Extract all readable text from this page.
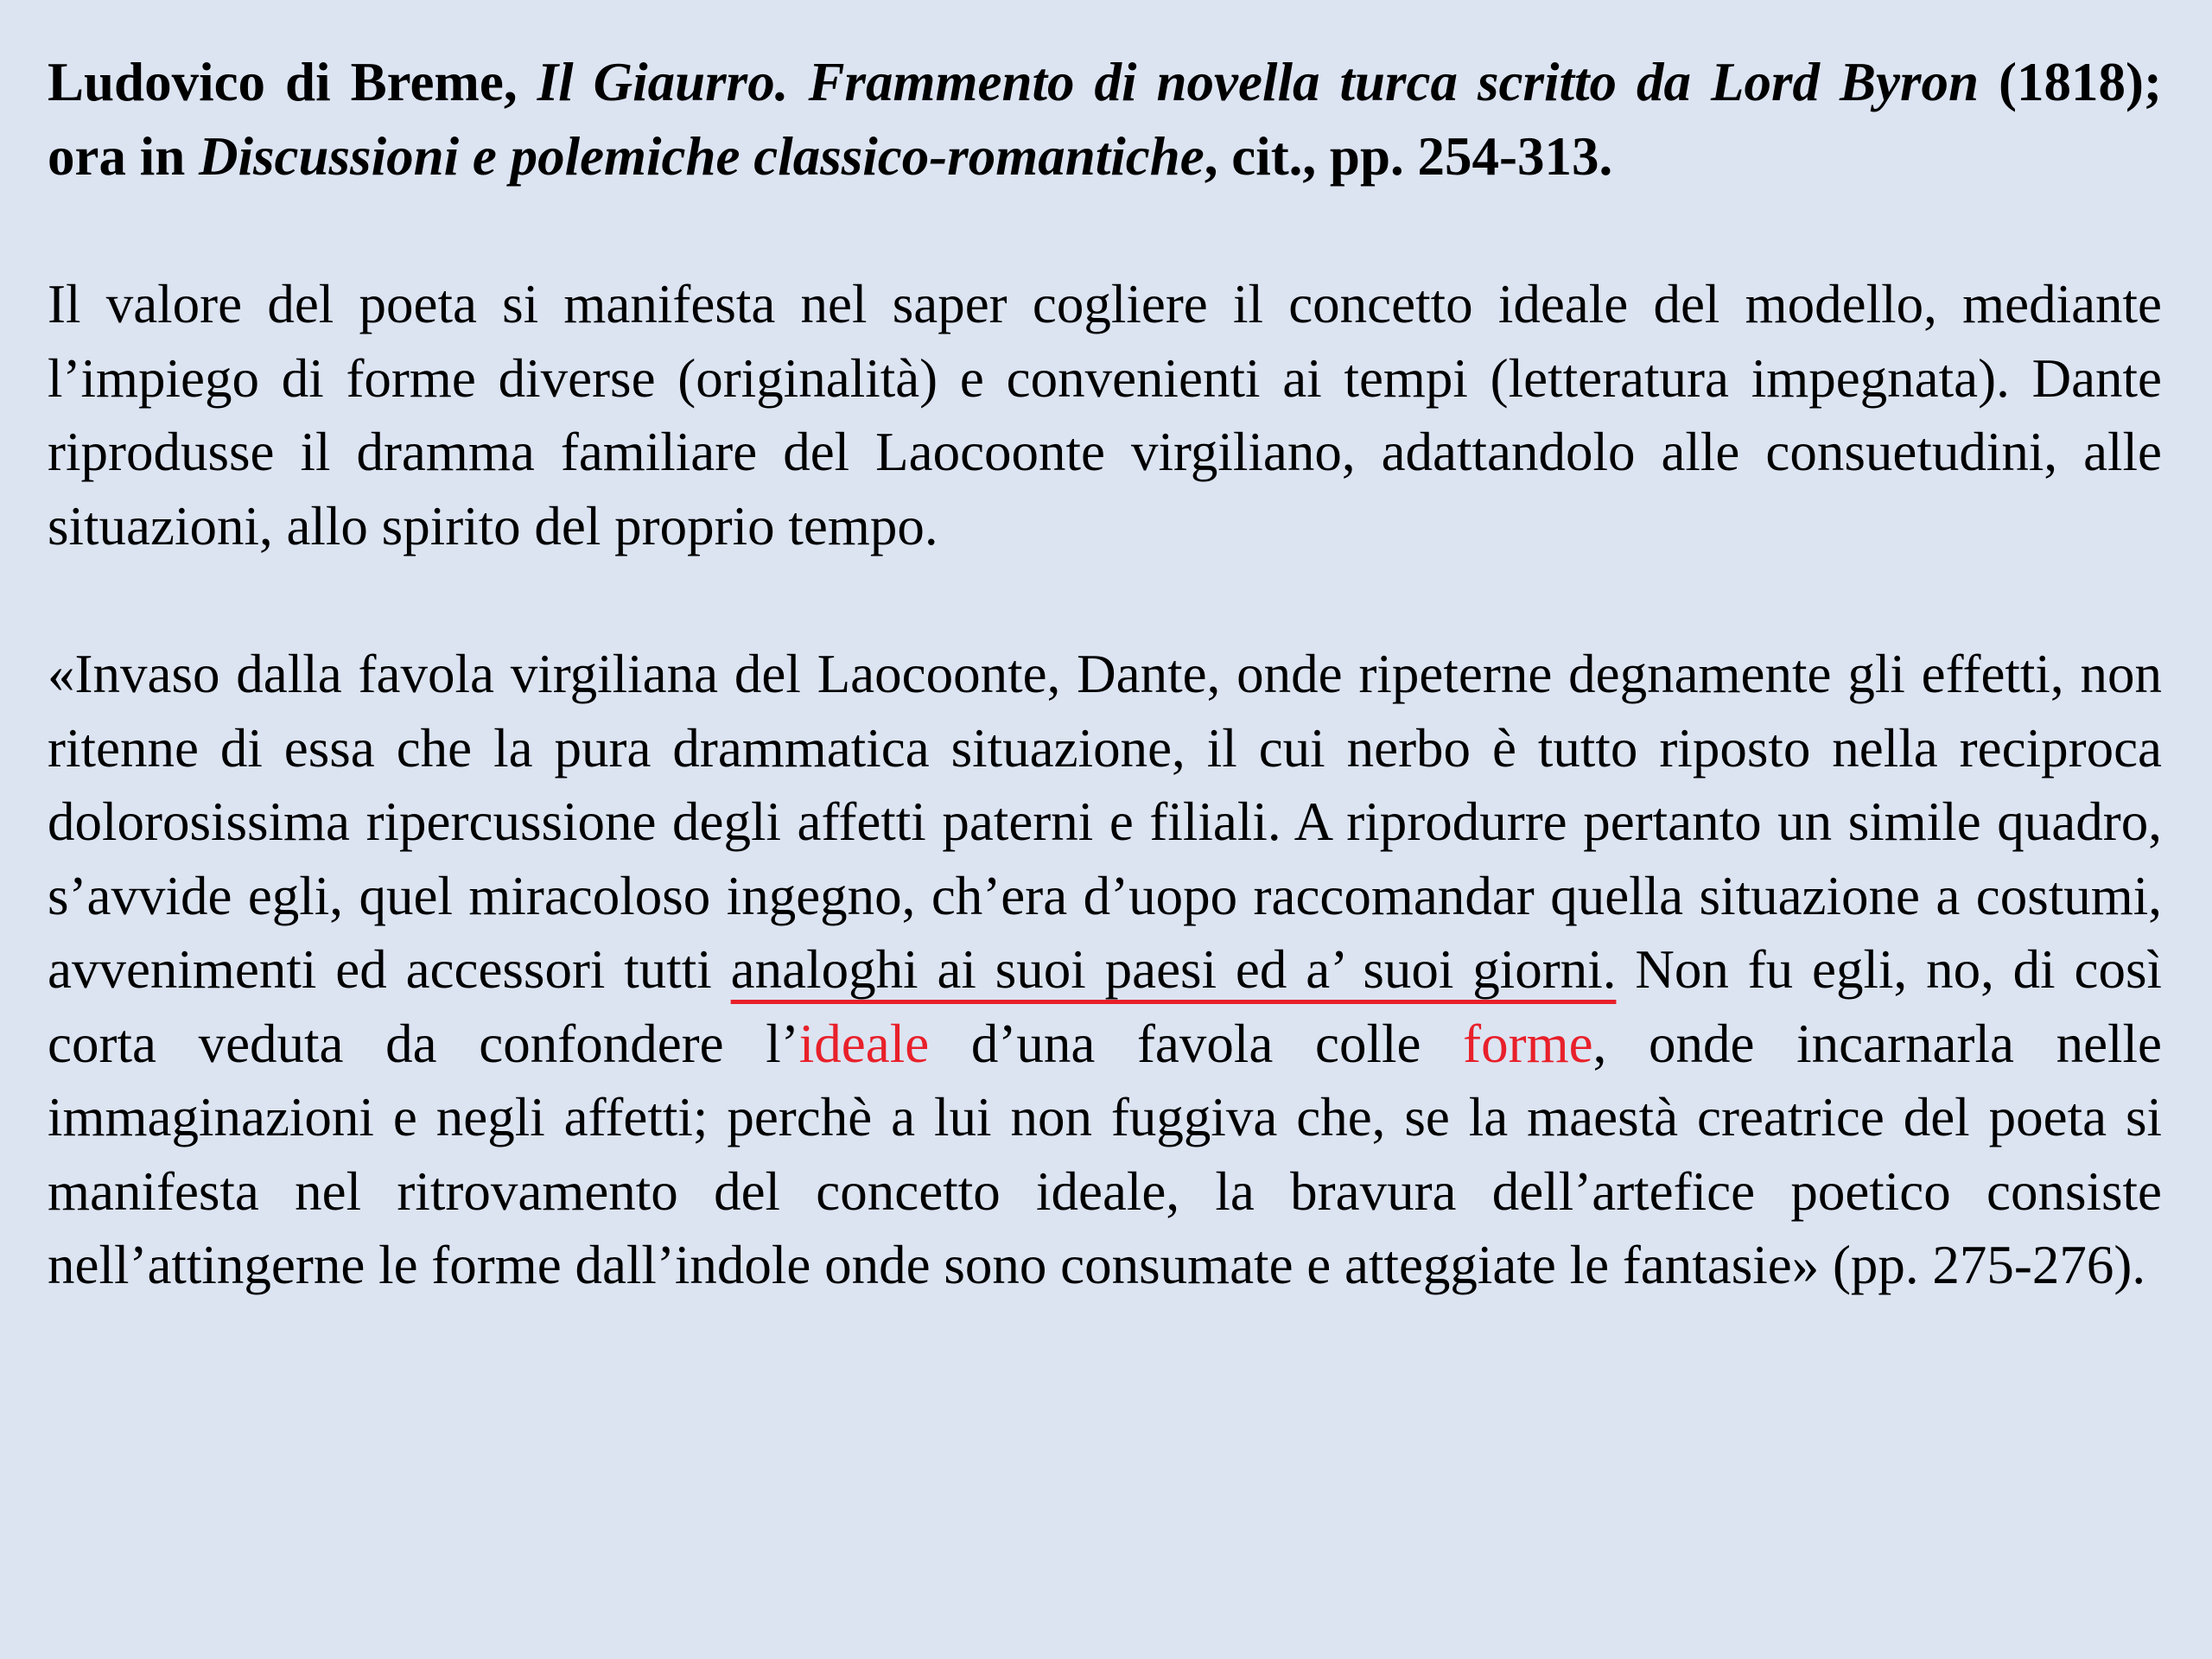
Ludovico di Breme, Il Giaurro. Frammento di novella turca scritto da Lord Byron (1818); ora in Discussioni e polemiche classico-romantiche, cit., pp. 254-313.

Il valore del poeta si manifesta nel saper cogliere il concetto ideale del modello, mediante l’impiego di forme diverse (originalità) e convenienti ai tempi (letteratura impegnata). Dante riprodusse il dramma familiare del Laocoonte virgiliano, adattandolo alle consuetudini, alle situazioni, allo spirito del proprio tempo.

«Invaso dalla favola virgiliana del Laocoonte, Dante, onde ripeterne degnamente gli effetti, non ritenne di essa che la pura drammatica situazione, il cui nerbo è tutto riposto nella reciproca dolorosissima ripercussione degli affetti paterni e filiali. A riprodurre pertanto un simile quadro, s’avvide egli, quel miracoloso ingegno, ch’era d’uopo raccomandar quella situazione a costumi, avvenimenti ed accessori tutti analoghi ai suoi paesi ed a’ suoi giorni. Non fu egli, no, di così corta veduta da confondere l’ideale d’una favola colle forme, onde incarnarla nelle immaginazioni e negli affetti; perchè a lui non fuggiva che, se la maestà creatrice del poeta si manifesta nel ritrovamento del concetto ideale, la bravura dell’artefice poetico consiste nell’attingerne le forme dall’indole onde sono consumate e atteggiate le fantasie» (pp. 275-276).
